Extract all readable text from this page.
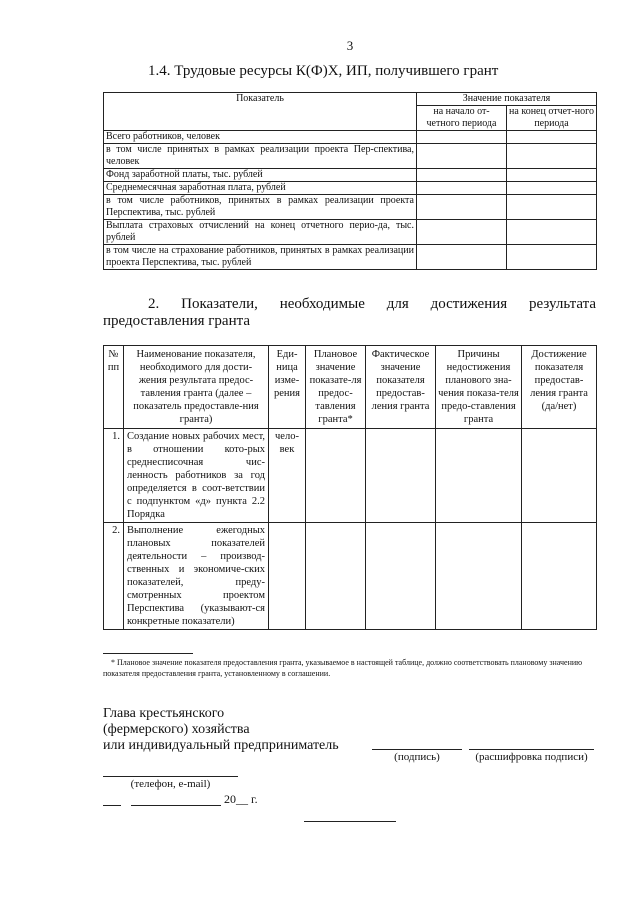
3
1.4. Трудовые ресурсы К(Ф)Х, ИП, получившего грант
Показатель	Значение показателя	
	на начало от-четного периода	на конец отчет-ного периода
Всего работников, человек		
в том числе принятых в рамках реализации проекта Пер-спектива, человек		
Фонд заработной платы, тыс. рублей		
Среднемесячная заработная плата, рублей		
в том числе работников, принятых в рамках реализации проекта Перспектива, тыс. рублей		
Выплата страховых отчислений на конец отчетного перио-да, тыс. рублей		
в том числе на страхование работников, принятых в рамках реализации проекта Перспектива, тыс. рублей		
2. Показатели, необходимые для достижения результата предоставления гранта
№ пп	Наименование показателя, необходимого для дости-жения результата предос-тавления гранта (далее – показатель предоставле-ния гранта)	Еди-ница изме-рения	Плановое значение показате-ля предос-тавления гранта*	Фактическое значение показателя предостав-ления гранта	Причины недостижения планового зна-чения показа-теля предо-ставления гранта	Достижение показателя предостав-ления гранта (да/нет)
1.	Создание новых рабочих мест, в отношении кото-рых среднесписочная чис-ленность работников за год определяется в соот-ветствии с подпунктом «д» пункта 2.2 Порядка	чело-век				
2.	Выполнение ежегодных плановых показателей деятельности – производ-ственных и экономиче-ских показателей, преду-смотренных проектом Перспектива (указывают-ся конкретные показатели)					
* Плановое значение показателя предоставления гранта, указываемое в настоящей таблице, должно соответствовать плановому значению показателя предоставления гранта, установленному в соглашении.
Глава крестьянского
(фермерского) хозяйства
или индивидуальный предприниматель
(подпись)	(расшифровка подписи)
(телефон, e-mail)
20__ г.
